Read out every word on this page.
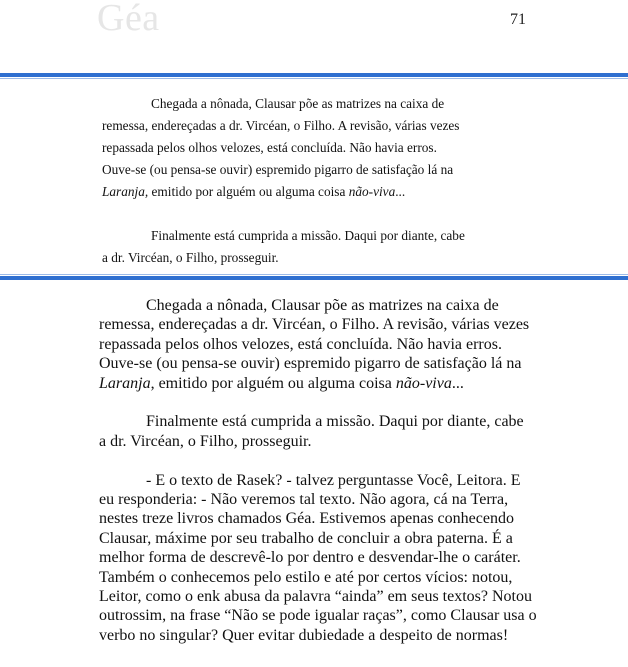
Géa	71
Chegada a nônada, Clausar põe as matrizes na caixa de
remessa, endereçadas a dr. Vircéan, o Filho. A revisão, várias vezes
repassada pelos olhos velozes, está concluída. Não havia erros.
Ouve-se (ou pensa-se ouvir) espremido pigarro de satisfação lá na
Laranja, emitido por alguém ou alguma coisa não-viva...
Finalmente está cumprida a missão. Daqui por diante, cabe
a dr. Vircéan, o Filho, prosseguir.
Chegada a nônada, Clausar põe as matrizes na caixa de
remessa, endereçadas a dr. Vircéan, o Filho. A revisão, várias vezes
repassada pelos olhos velozes, está concluída. Não havia erros.
Ouve-se (ou pensa-se ouvir) espremido pigarro de satisfação lá na
Laranja, emitido por alguém ou alguma coisa não-viva...
Finalmente está cumprida a missão. Daqui por diante, cabe
a dr. Vircéan, o Filho, prosseguir.
- E o texto de Rasek? - talvez perguntasse Você, Leitora. E
eu responderia: - Não veremos tal texto. Não agora, cá na Terra,
nestes treze livros chamados Géa. Estivemos apenas conhecendo
Clausar, máxime por seu trabalho de concluir a obra paterna. É a
melhor forma de descrevê-lo por dentro e desvendar-lhe o caráter.
Também o conhecemos pelo estilo e até por certos vícios: notou,
Leitor, como o enk abusa da palavra “ainda” em seus textos? Notou
outrossim, na frase “Não se pode igualar raças”, como Clausar usa o
verbo no singular? Quer evitar dubiedade a despeito de normas!
